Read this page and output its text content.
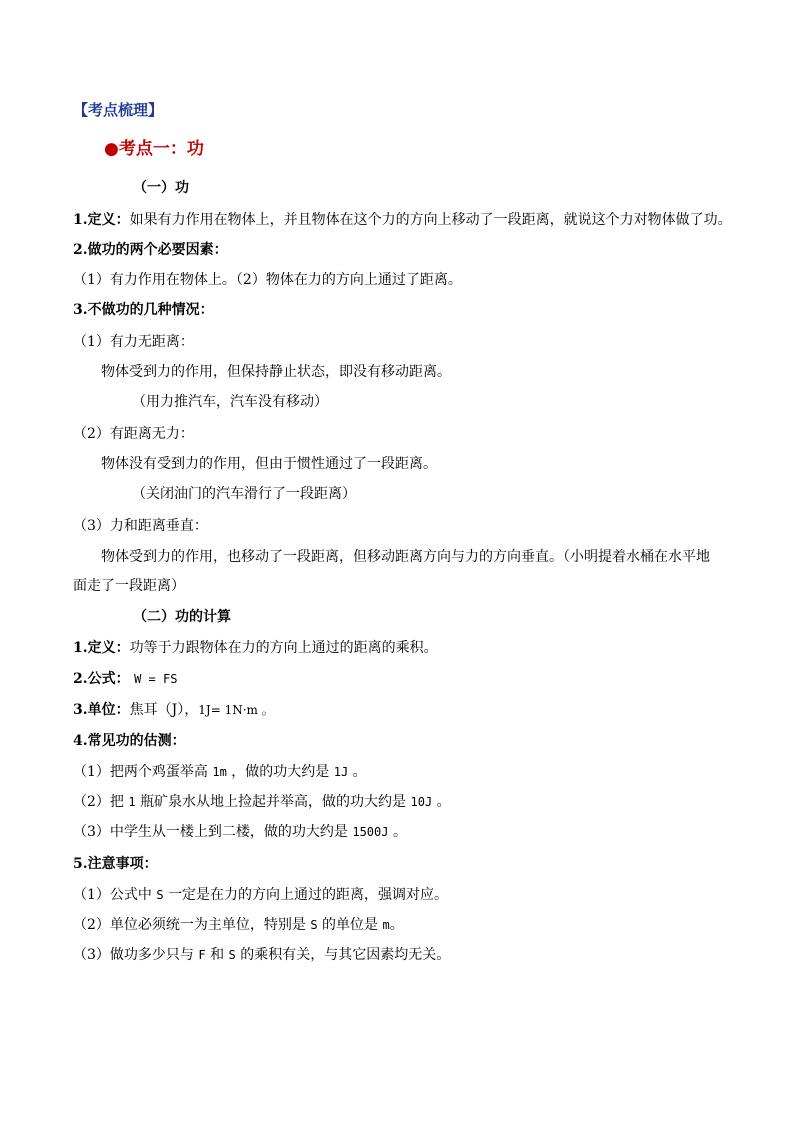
【考点梳理】
●考点一：功
（一）功
1.定义：如果有力作用在物体上，并且物体在这个力的方向上移动了一段距离，就说这个力对物体做了功。
2.做功的两个必要因素：
（1）有力作用在物体上。（2）物体在力的方向上通过了距离。
3.不做功的几种情况：
（1）有力无距离：
物体受到力的作用，但保持静止状态，即没有移动距离。
（用力推汽车，汽车没有移动）
（2）有距离无力：
物体没有受到力的作用，但由于惯性通过了一段距离。
（关闭油门的汽车滑行了一段距离）
（3）力和距离垂直：
物体受到力的作用，也移动了一段距离，但移动距离方向与力的方向垂直。（小明提着水桶在水平地
面走了一段距离）
（二）功的计算
1.定义：功等于力跟物体在力的方向上通过的距离的乘积。
2.公式： W = FS
3.单位：焦耳（J），1J= 1N·m 。
4.常见功的估测：
（1）把两个鸡蛋举高 1m ，做的功大约是 1J 。
（2）把 1 瓶矿泉水从地上捡起并举高，做的功大约是 10J 。
（3）中学生从一楼上到二楼，做的功大约是 1500J 。
5.注意事项：
（1）公式中 S 一定是在力的方向上通过的距离，强调对应。
（2）单位必须统一为主单位，特别是 S 的单位是 m。
（3）做功多少只与 F 和 S 的乘积有关，与其它因素均无关。
